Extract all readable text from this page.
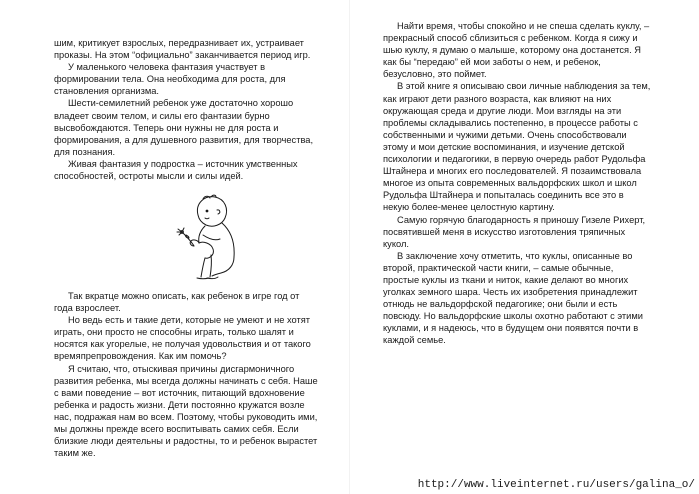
шим, критикует взрослых, передразнивает их, устраивает проказы. На этом “официально” заканчивается период игр.

У маленького человека фантазия участвует в формировании тела. Она необходима для роста, для становления организма.

Шести-семилетний ребенок уже достаточно хорошо владеет своим телом, и силы его фантазии бурно высвобождаются. Теперь они нужны не для роста и формирования, а для душевного развития, для творчества, для познания.

Живая фантазия у подростка – источник умственных способностей, остроты мысли и силы идей.

Так вкратце можно описать, как ребенок в игре год от года взрослеет.

Но ведь есть и такие дети, которые не умеют и не хотят играть, они просто не способны играть, только шалят и носятся как угорелые, не получая удовольствия и от такого времяпрепровождения. Как им помочь?

Я считаю, что, отыскивая причины дисгармоничного развития ребенка, мы всегда должны начинать с себя. Наше с вами поведение – вот источник, питающий вдохновение ребенка и радость жизни. Дети постоянно кружатся возле нас, подражая нам во всем. Поэтому, чтобы руководить ими, мы должны прежде всего воспитывать самих себя. Если близкие люди деятельны и радостны, то и ребенок вырастет таким же.

Найти время, чтобы спокойно и не спеша сделать куклу, – прекрасный способ сблизиться с ребенком. Когда я сижу и шью куклу, я думаю о малыше, которому она достанется. Я как бы “передаю” ей мои заботы о нем, и ребенок, безусловно, это поймет.

В этой книге я описываю свои личные наблюдения за тем, как играют дети разного возраста, как влияют на них окружающая среда и другие люди. Мои взгляды на эти проблемы складывались постепенно, в процессе работы с собственными и чужими детьми. Очень способствовали этому и мои детские воспоминания, и изучение детской психологии и педагогики, в первую очередь работ Рудольфа Штайнера и многих его последователей. Я позаимствовала многое из опыта современных вальдорфских школ и школ Рудольфа Штайнера и попыталась соединить все это в некую более-менее целостную картину.

Самую горячую благодарность я приношу Гизеле Рихерт, посвятившей меня в искусство изготовления тряпичных кукол.

В заключение хочу отметить, что куклы, описанные во второй, практической части книги, – самые обычные, простые куклы из ткани и ниток, какие делают во многих уголках земного шара. Честь их изобретения принадлежит отнюдь не вальдорфской педагогике; они были и есть повсюду. Но вальдорфские школы охотно работают с этими куклами, и я надеюсь, что в будущем они появятся почти в каждой семье.

http://www.liveinternet.ru/users/galina_o/
